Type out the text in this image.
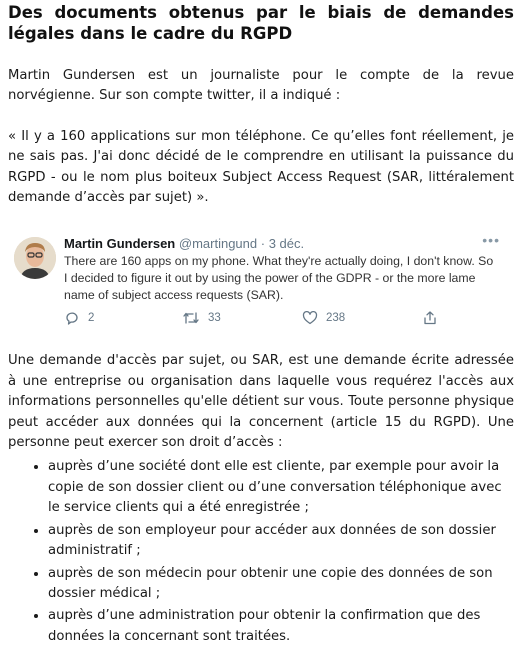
Des documents obtenus par le biais de demandes légales dans le cadre du RGPD

Martin Gundersen est un journaliste pour le compte de la revue norvégienne. Sur son compte twitter, il a indiqué :

« Il y a 160 applications sur mon téléphone. Ce qu’elles font réellement, je ne sais pas. J'ai donc décidé de le comprendre en utilisant la puissance du RGPD - ou le nom plus boiteux Subject Access Request (SAR, littéralement demande d’accès par sujet) ».

Martin Gundersen @martingund · 3 déc.	•••
There are 160 apps on my phone. What they're actually doing, I don't know. So I decided to figure it out by using the power of the GDPR - or the more lame name of subject access requests (SAR).
2	33	238

Une demande d'accès par sujet, ou SAR, est une demande écrite adressée à une entreprise ou organisation dans laquelle vous requérez l'accès aux informations personnelles qu'elle détient sur vous. Toute personne physique peut accéder aux données qui la concernent (article 15 du RGPD). Une personne peut exercer son droit d’accès :

• auprès d’une société dont elle est cliente, par exemple pour avoir la copie de son dossier client ou d’une conversation téléphonique avec le service clients qui a été enregistrée ;
• auprès de son employeur pour accéder aux données de son dossier administratif ;
• auprès de son médecin pour obtenir une copie des données de son dossier médical ;
• auprès d’une administration pour obtenir la confirmation que des données la concernant sont traitées.
